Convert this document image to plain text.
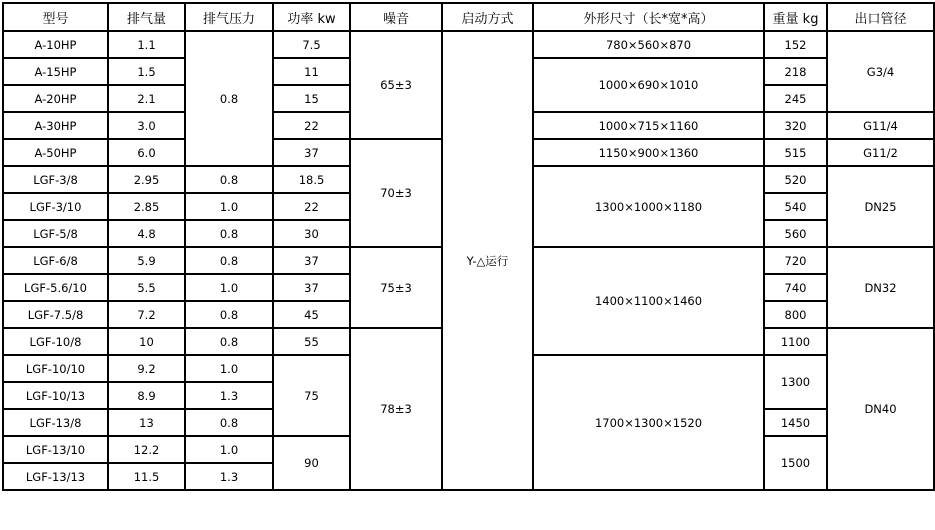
型号	排气量	排气压力	功率 kw	噪音	启动方式	外形尺寸（长*宽*高）	重量 kg	出口管径
A-10HP	1.1	0.8	7.5	65±3	Y-△运行	780×560×870	152	G3/4
A-15HP	1.5		11			1000×690×1010	218	
A-20HP	2.1		15				245	
A-30HP	3.0		22			1000×715×1160	320	G11/4
A-50HP	6.0		37	70±3		1150×900×1360	515	G11/2
LGF-3/8	2.95	0.8	18.5			1300×1000×1180	520	DN25
LGF-3/10	2.85	1.0	22				540	
LGF-5/8	4.8	0.8	30				560	
LGF-6/8	5.9	0.8	37	75±3		1400×1100×1460	720	DN32
LGF-5.6/10	5.5	1.0	37				740	
LGF-7.5/8	7.2	0.8	45				800	
LGF-10/8	10	0.8	55	78±3			1100	DN40
LGF-10/10	9.2	1.0	75			1700×1300×1520	1300	
LGF-10/13	8.9	1.3						
LGF-13/8	13	0.8					1450	
LGF-13/10	12.2	1.0	90				1500	
LGF-13/13	11.5	1.3						
